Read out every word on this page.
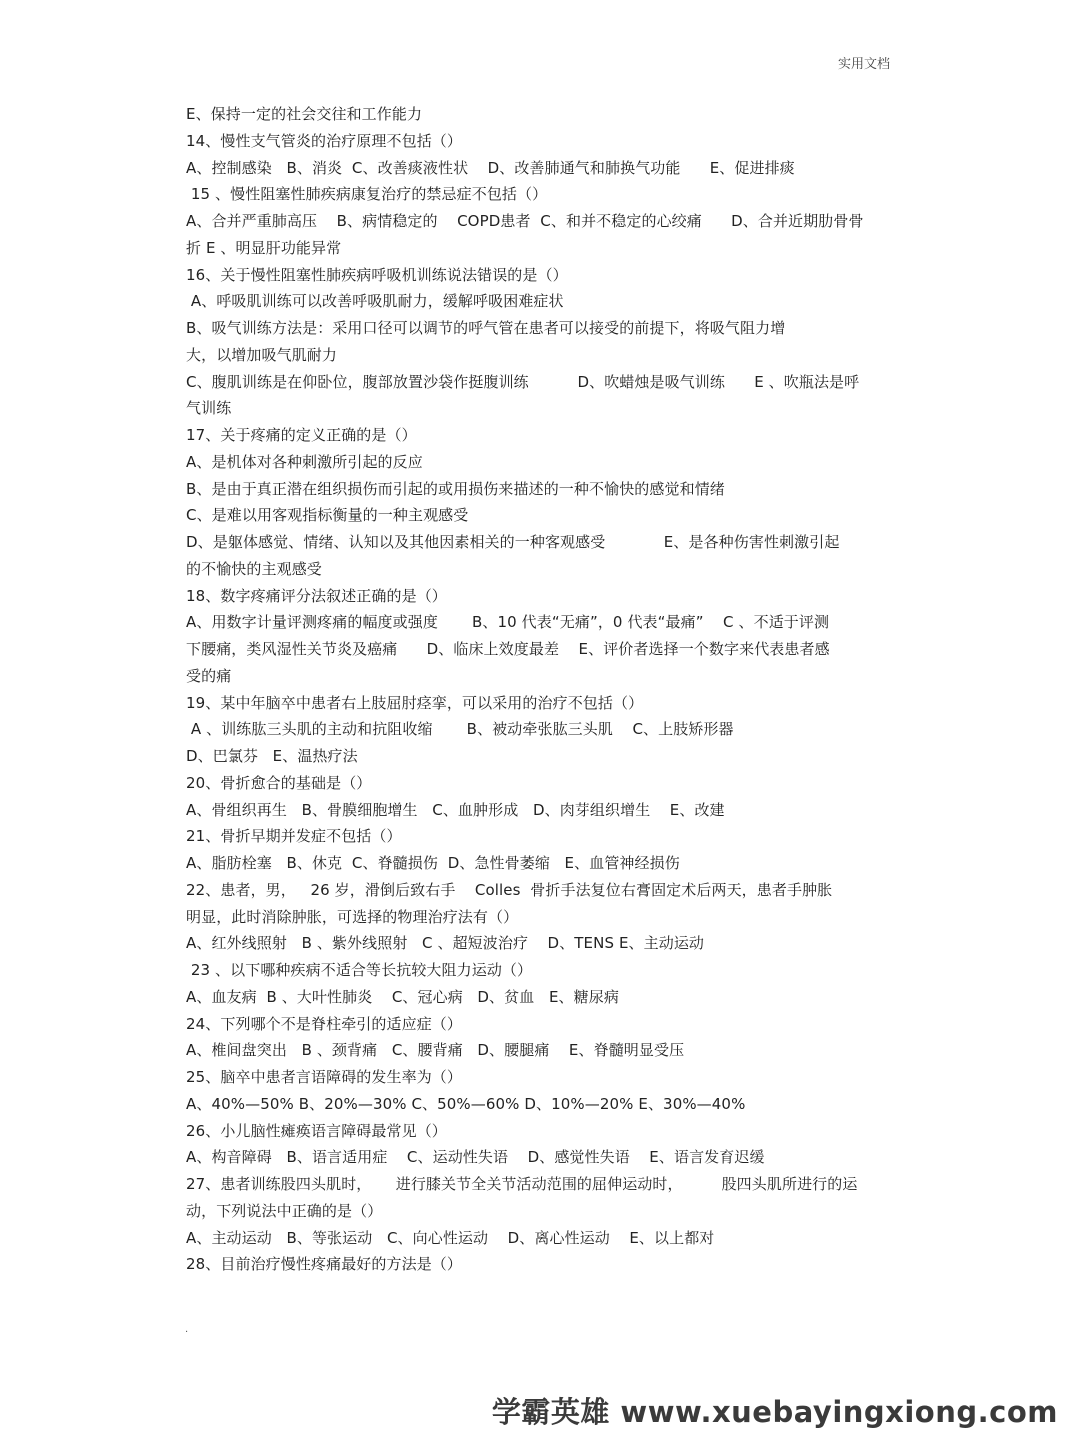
实用文档
E、保持一定的社会交往和工作能力
14、慢性支气管炎的治疗原理不包括（）
A、控制感染   B、消炎  C、改善痰液性状    D、改善肺通气和肺换气功能      E、促进排痰
15 、慢性阻塞性肺疾病康复治疗的禁忌症不包括（）
A、合并严重肺高压    B、病情稳定的    COPD患者  C、和并不稳定的心绞痛      D、合并近期肋骨骨
折 E 、明显肝功能异常
16、关于慢性阻塞性肺疾病呼吸机训练说法错误的是（）
A、呼吸肌训练可以改善呼吸肌耐力，缓解呼吸困难症状
B、吸气训练方法是：采用口径可以调节的呼气管在患者可以接受的前提下，将吸气阻力增
大，以增加吸气肌耐力
C、腹肌训练是在仰卧位，腹部放置沙袋作挺腹训练          D、吹蜡烛是吸气训练      E 、吹瓶法是呼
气训练
17、关于疼痛的定义正确的是（）
A、是机体对各种刺激所引起的反应
B、是由于真正潜在组织损伤而引起的或用损伤来描述的一种不愉快的感觉和情绪
C、是难以用客观指标衡量的一种主观感受
D、是躯体感觉、情绪、认知以及其他因素相关的一种客观感受            E、是各种伤害性刺激引起
的不愉快的主观感受
18、数字疼痛评分法叙述正确的是（）
A、用数字计量评测疼痛的幅度或强度       B、10 代表“无痛”，0 代表“最痛”    C 、不适于评测
下腰痛，类风湿性关节炎及癌痛      D、临床上效度最差    E、评价者选择一个数字来代表患者感
受的痛
19、某中年脑卒中患者右上肢屈肘痉挛，可以采用的治疗不包括（）
A 、训练肱三头肌的主动和抗阻收缩       B、被动牵张肱三头肌    C、上肢矫形器
D、巴氯芬   E、温热疗法
20、骨折愈合的基础是（）
A、骨组织再生   B、骨膜细胞增生   C、血肿形成   D、肉芽组织增生    E、改建
21、骨折早期并发症不包括（）
A、脂肪栓塞   B、休克  C、脊髓损伤  D、急性骨萎缩   E、血管神经损伤
22、患者，男，   26 岁，滑倒后致右手    Colles  骨折手法复位右膏固定术后两天，患者手肿胀
明显，此时消除肿胀，可选择的物理治疗法有（）
A、红外线照射   B 、紫外线照射   C 、超短波治疗    D、TENS E、主动运动
23 、以下哪种疾病不适合等长抗较大阻力运动（）
A、血友病  B 、大叶性肺炎    C、冠心病   D、贫血   E、糖尿病
24、下列哪个不是脊柱牵引的适应症（）
A、椎间盘突出   B 、颈背痛   C、腰背痛   D、腰腿痛    E、脊髓明显受压
25、脑卒中患者言语障碍的发生率为（）
A、40%—50% B、20%—30% C、50%—60% D、10%—20% E、30%—40%
26、小儿脑性瘫痪语言障碍最常见（）
A、构音障碍   B、语言适用症    C、运动性失语    D、感觉性失语    E、语言发育迟缓
27、患者训练股四头肌时，     进行膝关节全关节活动范围的屈伸运动时，        股四头肌所进行的运
动，下列说法中正确的是（）
A、主动运动   B、等张运动   C、向心性运动    D、离心性运动    E、以上都对
28、目前治疗慢性疼痛最好的方法是（）
.
学霸英雄 www.xuebayingxiong.com
